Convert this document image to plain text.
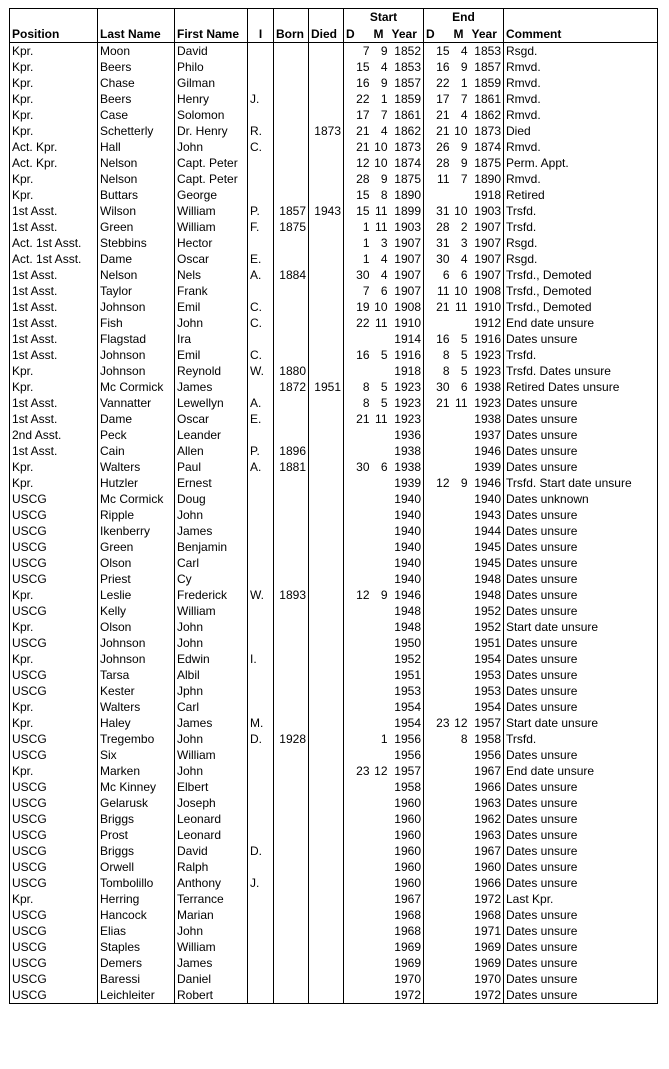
						Start			End			
Position	Last Name	First Name	I	Born	Died	D	M	Year	D	M	Year	Comment
Kpr.	Moon	David				7	9	1852	15	4	1853	Rsgd.
Kpr.	Beers	Philo				15	4	1853	16	9	1857	Rmvd.
Kpr.	Chase	Gilman				16	9	1857	22	1	1859	Rmvd.
Kpr.	Beers	Henry	J.			22	1	1859	17	7	1861	Rmvd.
Kpr.	Case	Solomon				17	7	1861	21	4	1862	Rmvd.
Kpr.	Schetterly	Dr. Henry	R.		1873	21	4	1862	21	10	1873	Died
Act. Kpr.	Hall	John	C.			21	10	1873	26	9	1874	Rmvd.
Act. Kpr.	Nelson	Capt. Peter				12	10	1874	28	9	1875	Perm. Appt.
Kpr.	Nelson	Capt. Peter				28	9	1875	11	7	1890	Rmvd.
Kpr.	Buttars	George				15	8	1890			1918	Retired
1st Asst.	Wilson	William	P.	1857	1943	15	11	1899	31	10	1903	Trsfd.
1st Asst.	Green	William	F.	1875		1	11	1903	28	2	1907	Trsfd.
Act. 1st Asst.	Stebbins	Hector				1	3	1907	31	3	1907	Rsgd.
Act. 1st Asst.	Dame	Oscar	E.			1	4	1907	30	4	1907	Rsgd.
1st Asst.	Nelson	Nels	A.	1884		30	4	1907	6	6	1907	Trsfd., Demoted
1st Asst.	Taylor	Frank				7	6	1907	11	10	1908	Trsfd., Demoted
1st Asst.	Johnson	Emil	C.			19	10	1908	21	11	1910	Trsfd., Demoted
1st Asst.	Fish	John	C.			22	11	1910			1912	End date unsure
1st Asst.	Flagstad	Ira						1914	16	5	1916	Dates unsure
1st Asst.	Johnson	Emil	C.			16	5	1916	8	5	1923	Trsfd.
Kpr.	Johnson	Reynold	W.	1880				1918	8	5	1923	Trsfd. Dates unsure
Kpr.	Mc Cormick	James		1872	1951	8	5	1923	30	6	1938	Retired Dates unsure
1st Asst.	Vannatter	Lewellyn	A.			8	5	1923	21	11	1923	Dates unsure
1st Asst.	Dame	Oscar	E.			21	11	1923			1938	Dates unsure
2nd Asst.	Peck	Leander						1936			1937	Dates unsure
1st Asst.	Cain	Allen	P.	1896				1938			1946	Dates unsure
Kpr.	Walters	Paul	A.	1881		30	6	1938			1939	Dates unsure
Kpr.	Hutzler	Ernest						1939	12	9	1946	Trsfd. Start date unsure
USCG	Mc Cormick	Doug						1940			1940	Dates unknown
USCG	Ripple	John						1940			1943	Dates unsure
USCG	Ikenberry	James						1940			1944	Dates unsure
USCG	Green	Benjamin						1940			1945	Dates unsure
USCG	Olson	Carl						1940			1945	Dates unsure
USCG	Priest	Cy						1940			1948	Dates unsure
Kpr.	Leslie	Frederick	W.	1893		12	9	1946			1948	Dates unsure
USCG	Kelly	William						1948			1952	Dates unsure
Kpr.	Olson	John						1948			1952	Start date unsure
USCG	Johnson	John						1950			1951	Dates unsure
Kpr.	Johnson	Edwin	I.					1952			1954	Dates unsure
USCG	Tarsa	Albil						1951			1953	Dates unsure
USCG	Kester	Jphn						1953			1953	Dates unsure
Kpr.	Walters	Carl						1954			1954	Dates unsure
Kpr.	Haley	James	M.					1954	23	12	1957	Start date unsure
USCG	Tregembo	John	D.	1928			1	1956		8	1958	Trsfd.
USCG	Six	William						1956			1956	Dates unsure
Kpr.	Marken	John				23	12	1957			1967	End date unsure
USCG	Mc Kinney	Elbert						1958			1966	Dates unsure
USCG	Gelarusk	Joseph						1960			1963	Dates unsure
USCG	Briggs	Leonard						1960			1962	Dates unsure
USCG	Prost	Leonard						1960			1963	Dates unsure
USCG	Briggs	David	D.					1960			1967	Dates unsure
USCG	Orwell	Ralph						1960			1960	Dates unsure
USCG	Tombolillo	Anthony	J.					1960			1966	Dates unsure
Kpr.	Herring	Terrance						1967			1972	Last Kpr.
USCG	Hancock	Marian						1968			1968	Dates unsure
USCG	Elias	John						1968			1971	Dates unsure
USCG	Staples	William						1969			1969	Dates unsure
USCG	Demers	James						1969			1969	Dates unsure
USCG	Baressi	Daniel						1970			1970	Dates unsure
USCG	Leichleiter	Robert						1972			1972	Dates unsure
